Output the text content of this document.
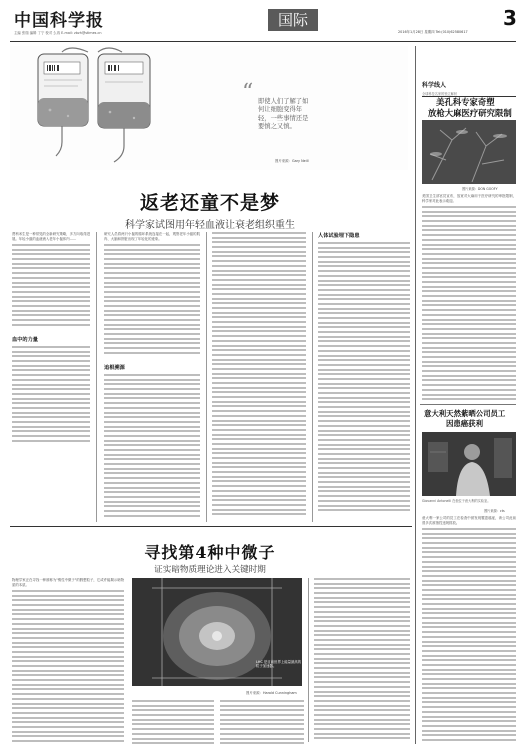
中国科学报
主编 张瑞 编辑 丁宁 校对 么再 E-mail: zbzh@stimes.cn
国际
2016年1月28日 星期四 Tel:(010)62580617
3
“ 即使人们了解了如何让细胞变得年轻，一些事情还是要慎之又慎。
图片来源：Gary Neill
返老还童不是梦
科学家试图用年轻血液让衰老组织重生
贾科米生是一种常见的全新研究策略，多方向取得进展。年轻小鼠的血液流入老年小鼠体内……
血中的力量
研究人员将两只小鼠的循环系统连接在一起，观察老年小鼠的肌肉、大脑和肝脏出现了年轻化的迹象。
追根溯源
人体试验埋下隐患
科学线人
全球科技名家的独立解析
美孔科专家奇塑
放枪大麻医疗研究限制
图片来源：DON GOOFY
美国卫生部官员宣布，放宽对大麻用于医疗研究的审批限制，科学家对此表示欢迎。
意大利天然紫晒公司员工
因患癌获利
Giovanni Antonelli 在他位于意大利的实验室。
图片来源：cts
意大利一家公司的员工在检查中被发现罹患癌症，该公司此前曾多次被指控违规排放。
寻找第4种中微子
证实暗物质理论进入关键时期
物理学家正在寻找一种被称为"惰性中微子"的假想粒子，它或许能揭示暗物质的本质。
LHC 是目前世界上能量最高的粒子加速器。
图片来源：Harold Cunningham
